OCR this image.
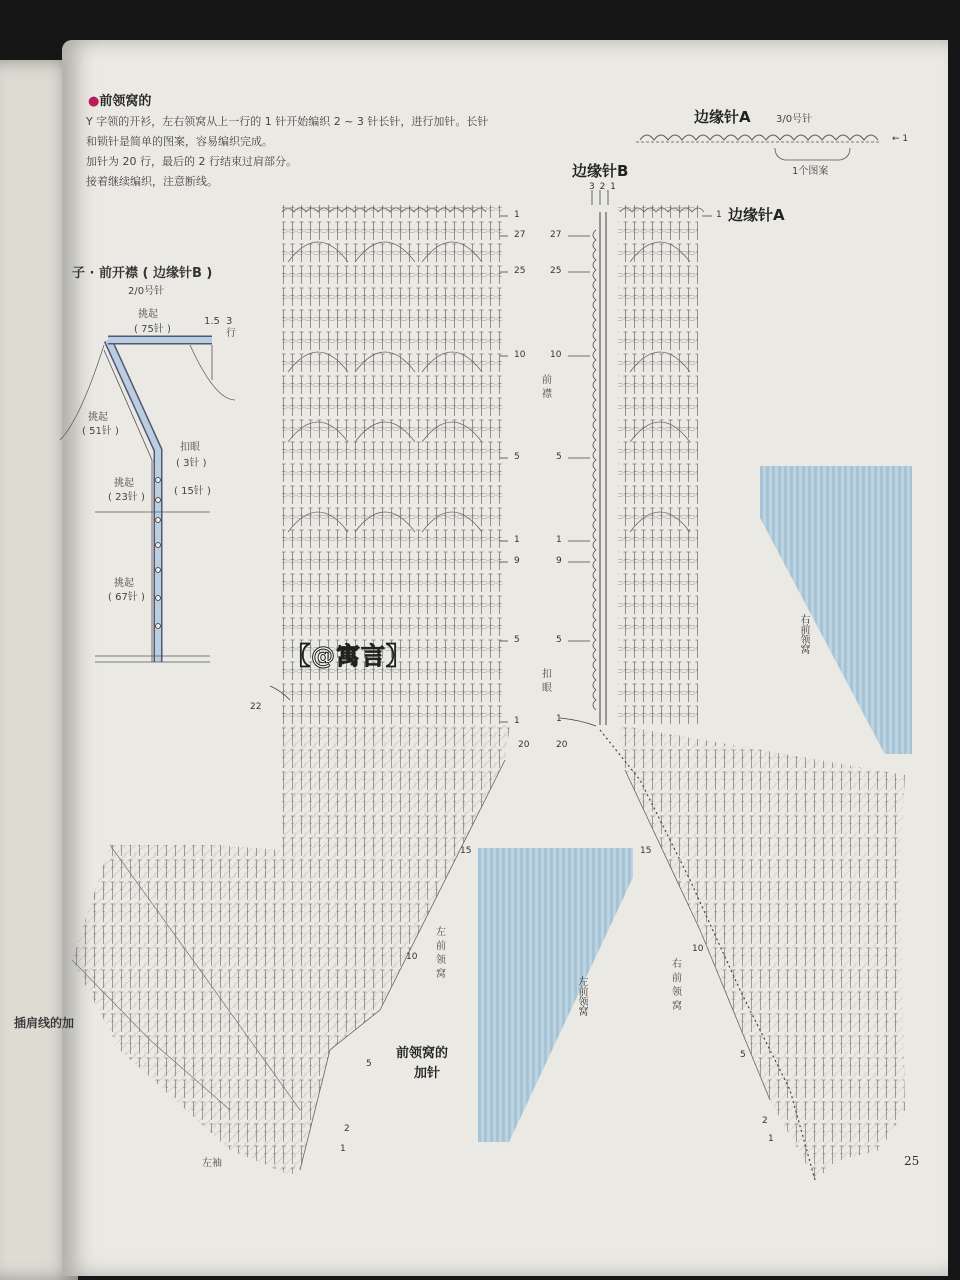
●前领窝的
Y 字领的开衫，左右领窝从上一行的 1 针开始编织 2 ~ 3 针长针，进行加针。长针
和锁针是简单的图案，容易编织完成。
加针为 20 行，最后的 2 行结束过肩部分。
接着继续编织，注意断线。
边缘针A	3/0号针
← 1
1个图案
子 · 前开襟 ( 边缘针B )
2/0号针
挑起
( 75针 )
1.5 3行
挑起
( 51针 )
扣眼
( 3针 )
( 15针 )
挑起
( 23针 )
挑起
( 67针 )
边缘针B
3 2 1
边缘针A
前襟
扣眼
右前领窝
左前领窝
前领窝的
加针
左袖
插肩线的加
右前领窝
左前领窝
1
27
25
10
5
1
9
5
1
20
15
10
5
2
1
22
1
27
25
10
5
1
9
5
1
20
15
10
5
2
1
【@寓言】
25
